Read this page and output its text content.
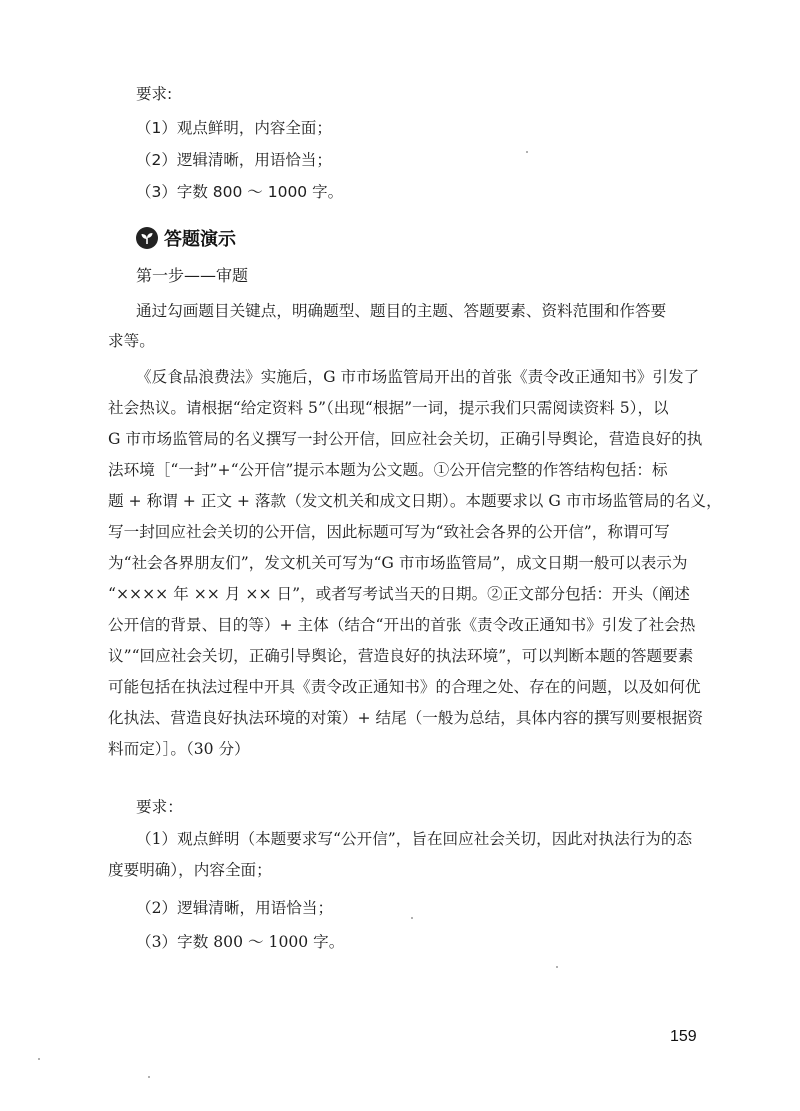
要求:
（1）观点鲜明，内容全面；
（2）逻辑清晰，用语恰当；
（3）字数 800 ～ 1000 字。
答题演示
第一步——审题
通过勾画题目关键点，明确题型、题目的主题、答题要素、资料范围和作答要
求等。
《反食品浪费法》实施后，G 市市场监管局开出的首张《责令改正通知书》引发了
社会热议。请根据“给定资料 5”（出现“根据”一词，提示我们只需阅读资料 5），以
G 市市场监管局的名义撰写一封公开信，回应社会关切，正确引导舆论，营造良好的执
法环境［“一封”+“公开信”提示本题为公文题。①公开信完整的作答结构包括：标
题 + 称谓 + 正文 + 落款（发文机关和成文日期）。本题要求以 G 市市场监管局的名义，
写一封回应社会关切的公开信，因此标题可写为“致社会各界的公开信”，称谓可写
为“社会各界朋友们”，发文机关可写为“G 市市场监管局”，成文日期一般可以表示为
“×××× 年 ×× 月 ×× 日”，或者写考试当天的日期。②正文部分包括：开头（阐述
公开信的背景、目的等）+ 主体（结合“开出的首张《责令改正通知书》引发了社会热
议”“回应社会关切，正确引导舆论，营造良好的执法环境”，可以判断本题的答题要素
可能包括在执法过程中开具《责令改正通知书》的合理之处、存在的问题，以及如何优
化执法、营造良好执法环境的对策）+ 结尾（一般为总结，具体内容的撰写则要根据资
料而定）］。（30 分）
要求：
（1）观点鲜明（本题要求写“公开信”，旨在回应社会关切，因此对执法行为的态
度要明确），内容全面；
（2）逻辑清晰，用语恰当；
（3）字数 800 ～ 1000 字。
159
